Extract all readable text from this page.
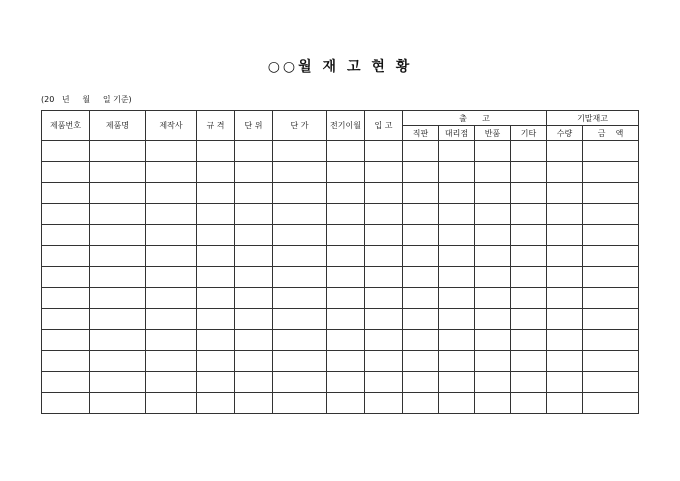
○○월 재 고 현 황
(20   년     월     일 기준)
제품번호	제품명	제작사	규 격	단 위	단 가	전기이월	입 고	출      고				기말재고	
								직판	대리점	반품	기타	수량	금    액
